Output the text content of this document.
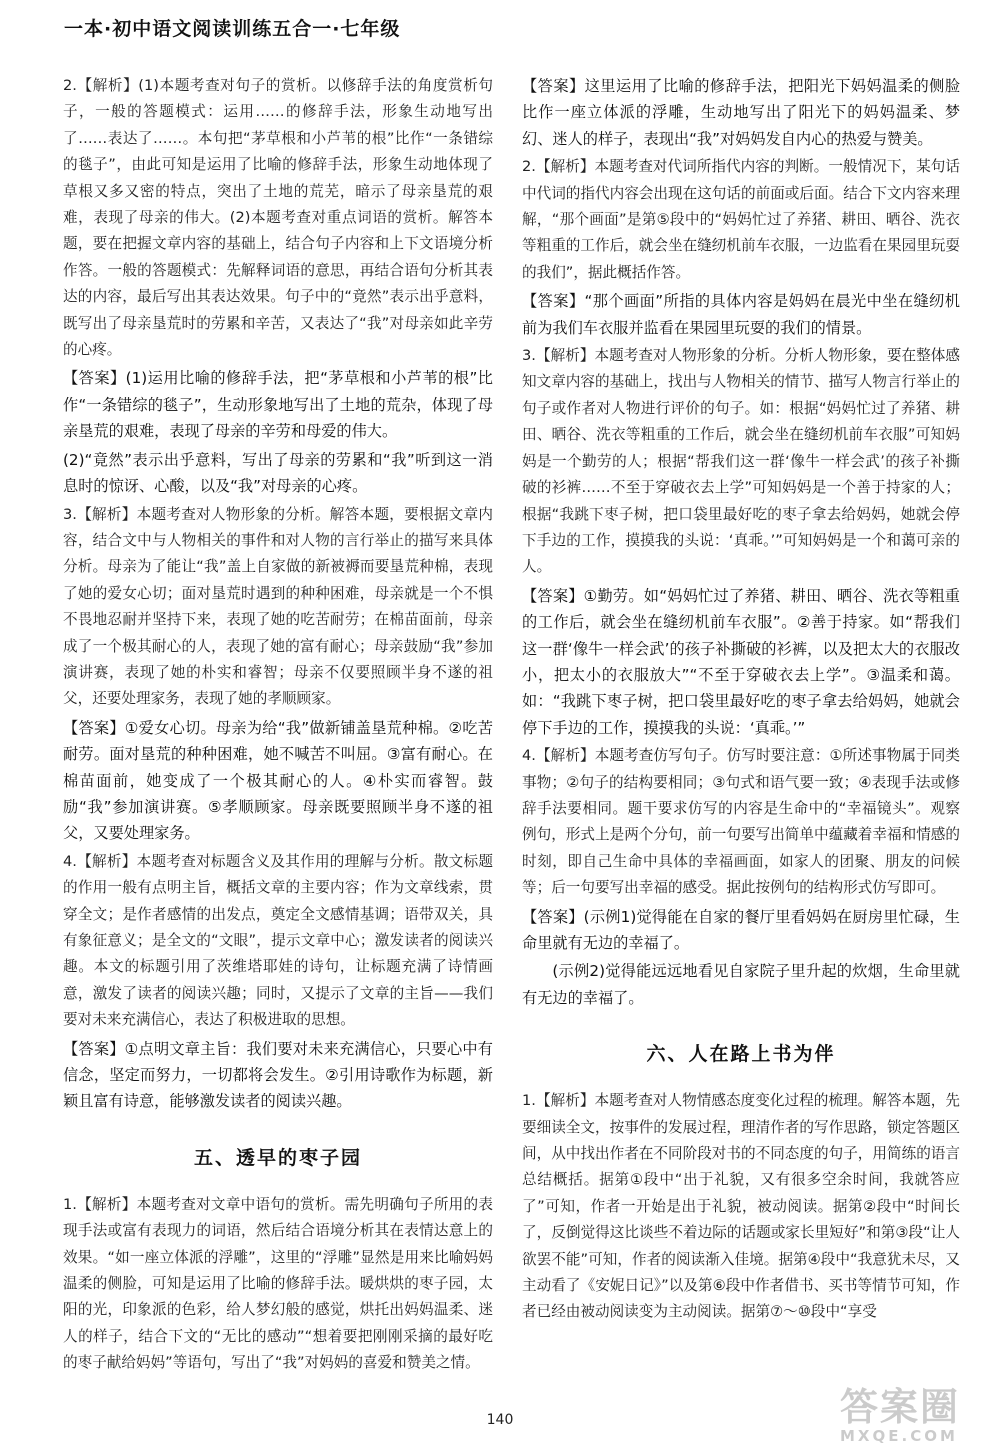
一本·初中语文阅读训练五合一·七年级

2.【解析】(1)本题考查对句子的赏析。以修辞手法的角度赏析句子，一般的答题模式：运用……的修辞手法，形象生动地写出了……表达了……。本句把“茅草根和小芦苇的根”比作“一条错综的毯子”，由此可知是运用了比喻的修辞手法，形象生动地体现了草根又多又密的特点，突出了土地的荒芜，暗示了母亲垦荒的艰难，表现了母亲的伟大。(2)本题考查对重点词语的赏析。解答本题，要在把握文章内容的基础上，结合句子内容和上下文语境分析作答。一般的答题模式：先解释词语的意思，再结合语句分析其表达的内容，最后写出其表达效果。句子中的“竟然”表示出乎意料，既写出了母亲垦荒时的劳累和辛苦，又表达了“我”对母亲如此辛劳的心疼。

【答案】(1)运用比喻的修辞手法，把“茅草根和小芦苇的根”比作“一条错综的毯子”，生动形象地写出了土地的荒杂，体现了母亲垦荒的艰难，表现了母亲的辛劳和母爱的伟大。

(2)“竟然”表示出乎意料，写出了母亲的劳累和“我”听到这一消息时的惊讶、心酸，以及“我”对母亲的心疼。

3.【解析】本题考查对人物形象的分析。解答本题，要根据文章内容，结合文中与人物相关的事件和对人物的言行举止的描写来具体分析。母亲为了能让“我”盖上自家做的新被褥而要垦荒种棉，表现了她的爱女心切；面对垦荒时遇到的种种困难，母亲就是一个不惧不畏地忍耐并坚持下来，表现了她的吃苦耐劳；在棉苗面前，母亲成了一个极其耐心的人，表现了她的富有耐心；母亲鼓励“我”参加演讲赛，表现了她的朴实和睿智；母亲不仅要照顾半身不遂的祖父，还要处理家务，表现了她的孝顺顾家。

【答案】①爱女心切。母亲为给“我”做新铺盖垦荒种棉。②吃苦耐劳。面对垦荒的种种困难，她不喊苦不叫屈。③富有耐心。在棉苗面前，她变成了一个极其耐心的人。④朴实而睿智。鼓励“我”参加演讲赛。⑤孝顺顾家。母亲既要照顾半身不遂的祖父，又要处理家务。

4.【解析】本题考查对标题含义及其作用的理解与分析。散文标题的作用一般有点明主旨，概括文章的主要内容；作为文章线索，贯穿全文；是作者感情的出发点，奠定全文感情基调；语带双关，具有象征意义；是全文的“文眼”，提示文章中心；激发读者的阅读兴趣。本文的标题引用了茨维塔耶娃的诗句，让标题充满了诗情画意，激发了读者的阅读兴趣；同时，又提示了文章的主旨——我们要对未来充满信心，表达了积极进取的思想。

【答案】①点明文章主旨：我们要对未来充满信心，只要心中有信念，坚定而努力，一切都将会发生。②引用诗歌作为标题，新颖且富有诗意，能够激发读者的阅读兴趣。

五、透早的枣子园

1.【解析】本题考查对文章中语句的赏析。需先明确句子所用的表现手法或富有表现力的词语，然后结合语境分析其在表情达意上的效果。“如一座立体派的浮雕”，这里的“浮雕”显然是用来比喻妈妈温柔的侧脸，可知是运用了比喻的修辞手法。暖烘烘的枣子园，太阳的光，印象派的色彩，给人梦幻般的感觉，烘托出妈妈温柔、迷人的样子，结合下文的“无比的感动”“想着要把刚刚采摘的最好吃的枣子献给妈妈”等语句，写出了“我”对妈妈的喜爱和赞美之情。

【答案】这里运用了比喻的修辞手法，把阳光下妈妈温柔的侧脸比作一座立体派的浮雕，生动地写出了阳光下的妈妈温柔、梦幻、迷人的样子，表现出“我”对妈妈发自内心的热爱与赞美。

2.【解析】本题考查对代词所指代内容的判断。一般情况下，某句话中代词的指代内容会出现在这句话的前面或后面。结合下文内容来理解，“那个画面”是第⑤段中的“妈妈忙过了养猪、耕田、晒谷、洗衣等粗重的工作后，就会坐在缝纫机前车衣服，一边监看在果园里玩耍的我们”，据此概括作答。

【答案】“那个画面”所指的具体内容是妈妈在晨光中坐在缝纫机前为我们车衣服并监看在果园里玩耍的我们的情景。

3.【解析】本题考查对人物形象的分析。分析人物形象，要在整体感知文章内容的基础上，找出与人物相关的情节、描写人物言行举止的句子或作者对人物进行评价的句子。如：根据“妈妈忙过了养猪、耕田、晒谷、洗衣等粗重的工作后，就会坐在缝纫机前车衣服”可知妈妈是一个勤劳的人；根据“帮我们这一群‘像牛一样会武’的孩子补撕破的衫裤……不至于穿破衣去上学”可知妈妈是一个善于持家的人；根据“我跳下枣子树，把口袋里最好吃的枣子拿去给妈妈，她就会停下手边的工作，摸摸我的头说：‘真乖。’”可知妈妈是一个和蔼可亲的人。

【答案】①勤劳。如“妈妈忙过了养猪、耕田、晒谷、洗衣等粗重的工作后，就会坐在缝纫机前车衣服”。②善于持家。如“帮我们这一群‘像牛一样会武’的孩子补撕破的衫裤，以及把太大的衣服改小，把太小的衣服放大”“不至于穿破衣去上学”。③温柔和蔼。如：“我跳下枣子树，把口袋里最好吃的枣子拿去给妈妈，她就会停下手边的工作，摸摸我的头说：‘真乖。’”

4.【解析】本题考查仿写句子。仿写时要注意：①所述事物属于同类事物；②句子的结构要相同；③句式和语气要一致；④表现手法或修辞手法要相同。题干要求仿写的内容是生命中的“幸福镜头”。观察例句，形式上是两个分句，前一句要写出简单中蕴藏着幸福和情感的时刻，即自己生命中具体的幸福画面，如家人的团聚、朋友的问候等；后一句要写出幸福的感受。据此按例句的结构形式仿写即可。

【答案】(示例1)觉得能在自家的餐厅里看妈妈在厨房里忙碌，生命里就有无边的幸福了。

(示例2)觉得能远远地看见自家院子里升起的炊烟，生命里就有无边的幸福了。

六、人在路上书为伴

1.【解析】本题考查对人物情感态度变化过程的梳理。解答本题，先要细读全文，按事件的发展过程，理清作者的写作思路，锁定答题区间，从中找出作者在不同阶段对书的不同态度的句子，用简练的语言总结概括。据第①段中“出于礼貌，又有很多空余时间，我就答应了”可知，作者一开始是出于礼貌，被动阅读。据第②段中“时间长了，反倒觉得这比谈些不着边际的话题或家长里短好”和第③段“让人欲罢不能”可知，作者的阅读渐入佳境。据第④段中“我意犹未尽，又主动看了《安妮日记》”以及第⑥段中作者借书、买书等情节可知，作者已经由被动阅读变为主动阅读。据第⑦～⑩段中“享受

140	答案圈
MXQE.COM
